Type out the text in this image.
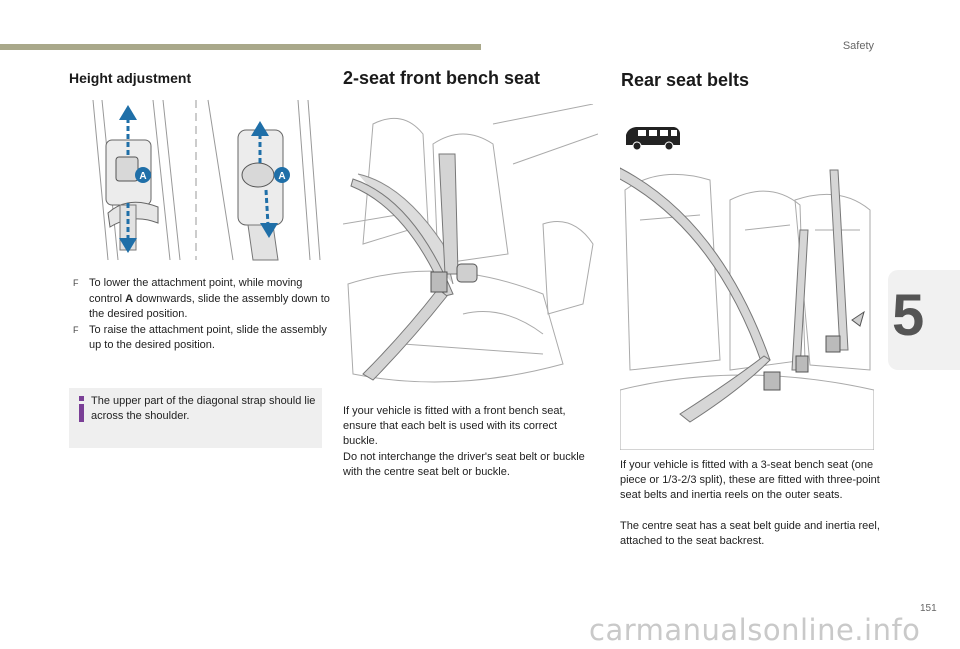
Safety
5
Height adjustment
A	A
F To lower the attachment point, while moving control A downwards, slide the assembly down to the desired position.
F To raise the attachment point, slide the assembly up to the desired position.
The upper part of the diagonal strap should lie across the shoulder.
2-seat front bench seat
If your vehicle is fitted with a front bench seat, ensure that each belt is used with its correct buckle.
Do not interchange the driver's seat belt or buckle with the centre seat belt or buckle.
Rear seat belts
If your vehicle is fitted with a 3-seat bench seat (one piece or 1/3-2/3 split), these are fitted with three-point seat belts and inertia reels on the outer seats.
The centre seat has a seat belt guide and inertia reel, attached to the seat backrest.
151
carmanualsonline.info
